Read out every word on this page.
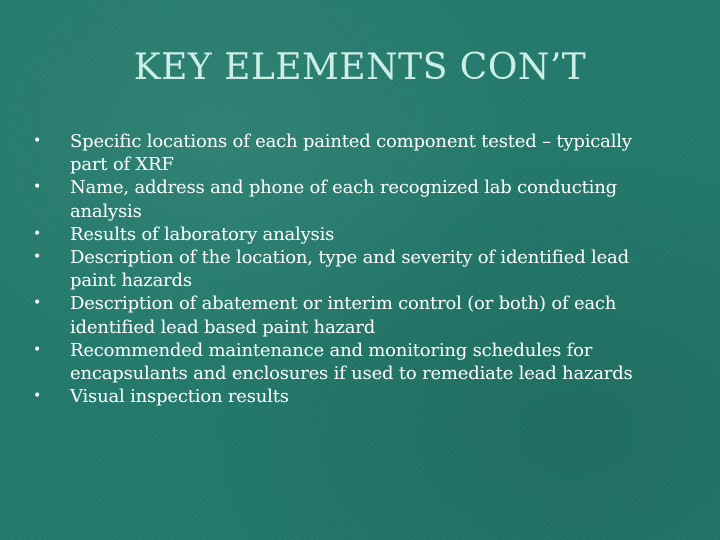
KEY ELEMENTS CON’T
• Specific locations of each painted component tested – typically part of XRF
• Name, address and phone of each recognized lab conducting analysis
• Results of laboratory analysis
• Description of the location, type and severity of identified lead paint hazards
• Description of abatement or interim control (or both) of each identified lead based paint hazard
• Recommended maintenance and monitoring schedules for encapsulants and enclosures if used to remediate lead hazards
• Visual inspection results
